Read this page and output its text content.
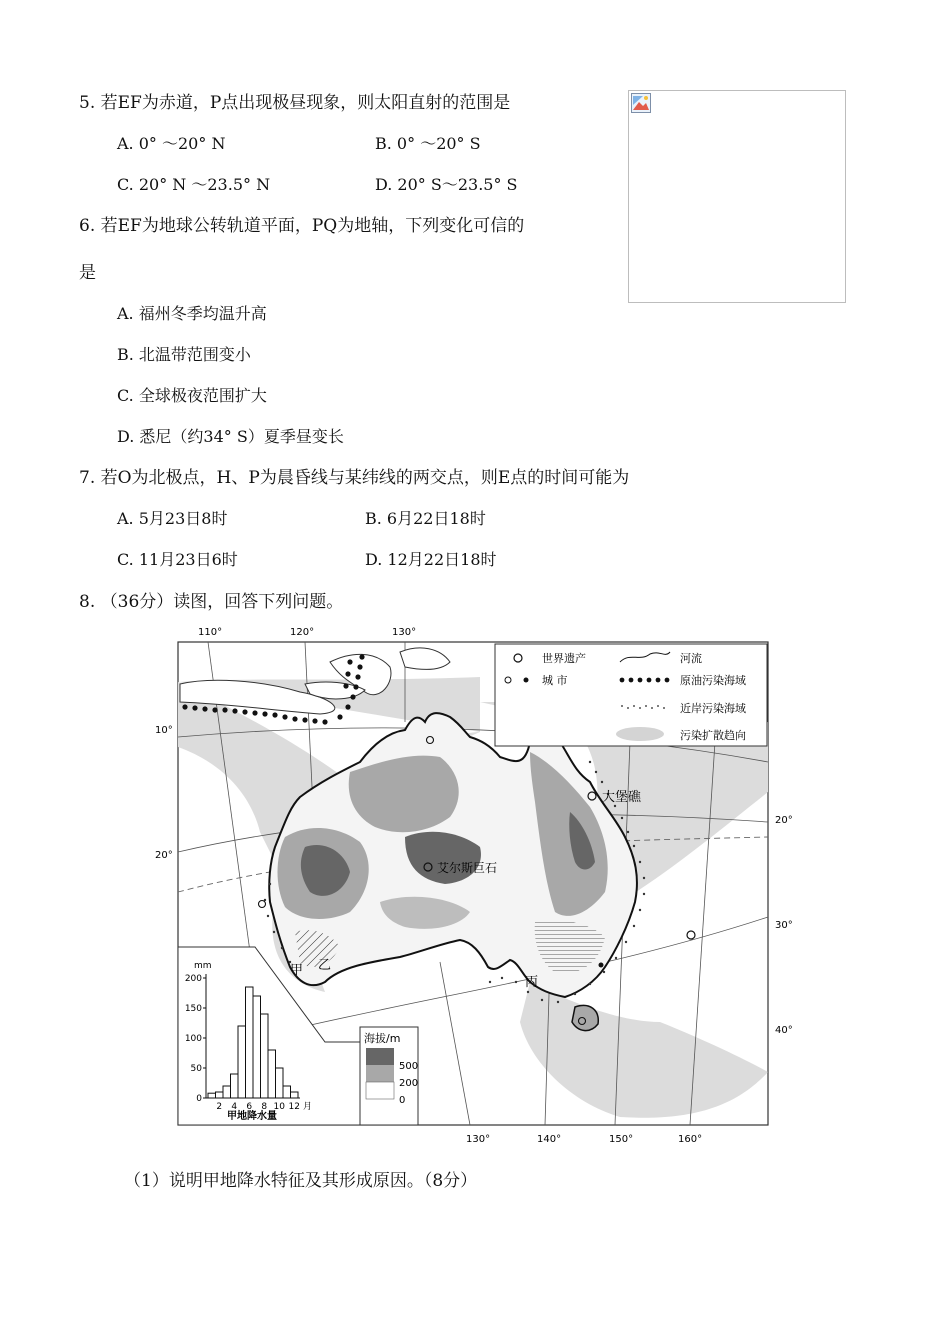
5. 若EF为赤道，P点出现极昼现象，则太阳直射的范围是
A. 0° ～20° N	B. 0° ～20° S
C. 20° N ～23.5° N	D. 20° S～23.5° S
6. 若EF为地球公转轨道平面，PQ为地轴，下列变化可信的
是
A. 福州冬季均温升高
B. 北温带范围变小
C. 全球极夜范围扩大
D. 悉尼（约34° S）夏季昼变长
7. 若O为北极点，H、P为晨昏线与某纬线的两交点，则E点的时间可能为
A. 5月23日8时	B. 6月22日18时
C. 11月23日6时	D. 12月22日18时
8. （36分）读图，回答下列问题。
110°	120°	130°
10°
20°
20°
30°
40°
世界遗产
城 市
河流
原油污染海域
近岸污染海域
污染扩散趋向
大堡礁
艾尔斯巨石
甲 乙
丙
海拔/m
500
200
0
mm
200
150
100
50
0
2 4 6 8 10 12 月
甲地降水量
130°	140°	150°	160°
（1）说明甲地降水特征及其形成原因。（8分）
